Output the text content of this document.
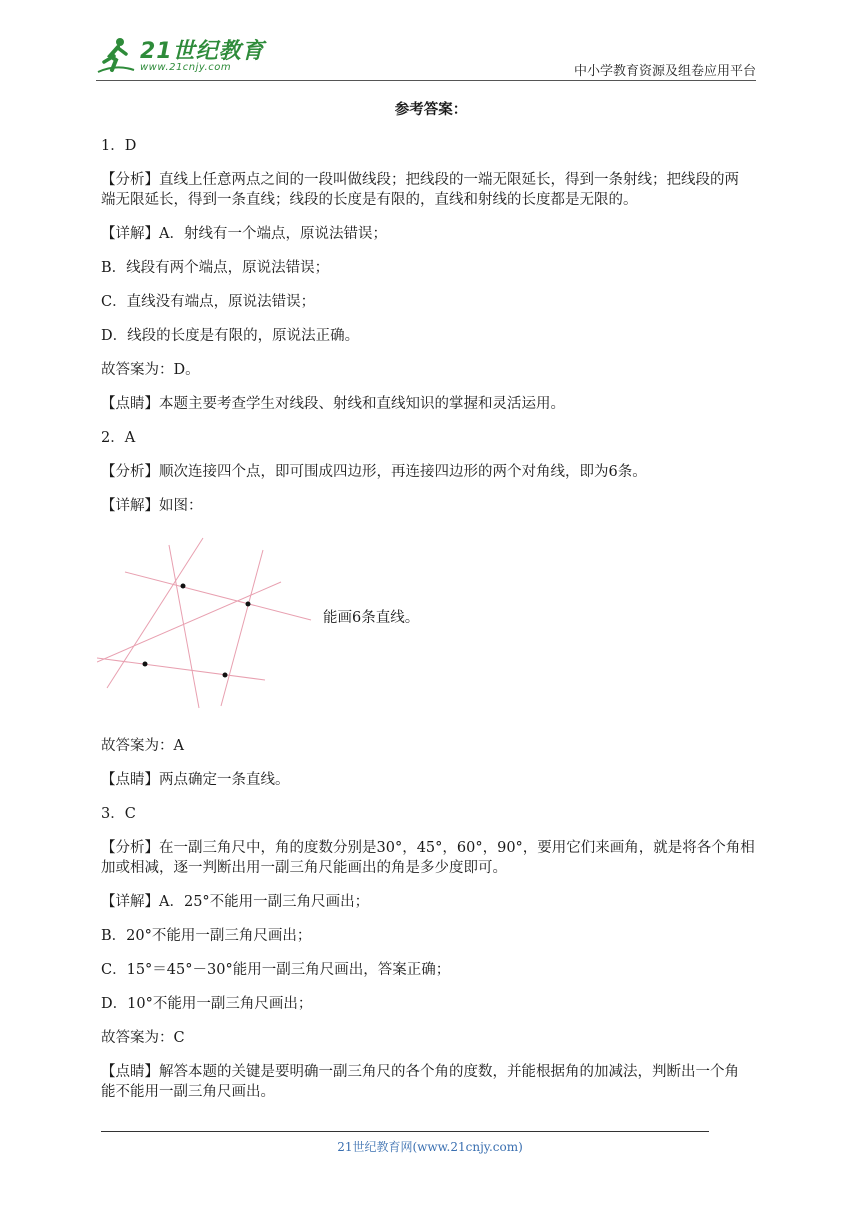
21世纪教育
www.21cnjy.com	中小学教育资源及组卷应用平台
参考答案：
1．D
【分析】直线上任意两点之间的一段叫做线段；把线段的一端无限延长，得到一条射线；把线段的两
端无限延长，得到一条直线；线段的长度是有限的，直线和射线的长度都是无限的。
【详解】A．射线有一个端点，原说法错误；
B．线段有两个端点，原说法错误；
C．直线没有端点，原说法错误；
D．线段的长度是有限的，原说法正确。
故答案为：D。
【点睛】本题主要考查学生对线段、射线和直线知识的掌握和灵活运用。
2．A
【分析】顺次连接四个点，即可围成四边形，再连接四边形的两个对角线，即为6条。
【详解】如图：
能画6条直线。
故答案为：A
【点睛】两点确定一条直线。
3．C
【分析】在一副三角尺中，角的度数分别是30°，45°，60°，90°，要用它们来画角，就是将各个角相
加或相减，逐一判断出用一副三角尺能画出的角是多少度即可。
【详解】A．25°不能用一副三角尺画出；
B．20°不能用一副三角尺画出；
C．15°＝45°－30°能用一副三角尺画出，答案正确；
D．10°不能用一副三角尺画出；
故答案为：C
【点睛】解答本题的关键是要明确一副三角尺的各个角的度数，并能根据角的加减法，判断出一个角
能不能用一副三角尺画出。
21世纪教育网(www.21cnjy.com)
